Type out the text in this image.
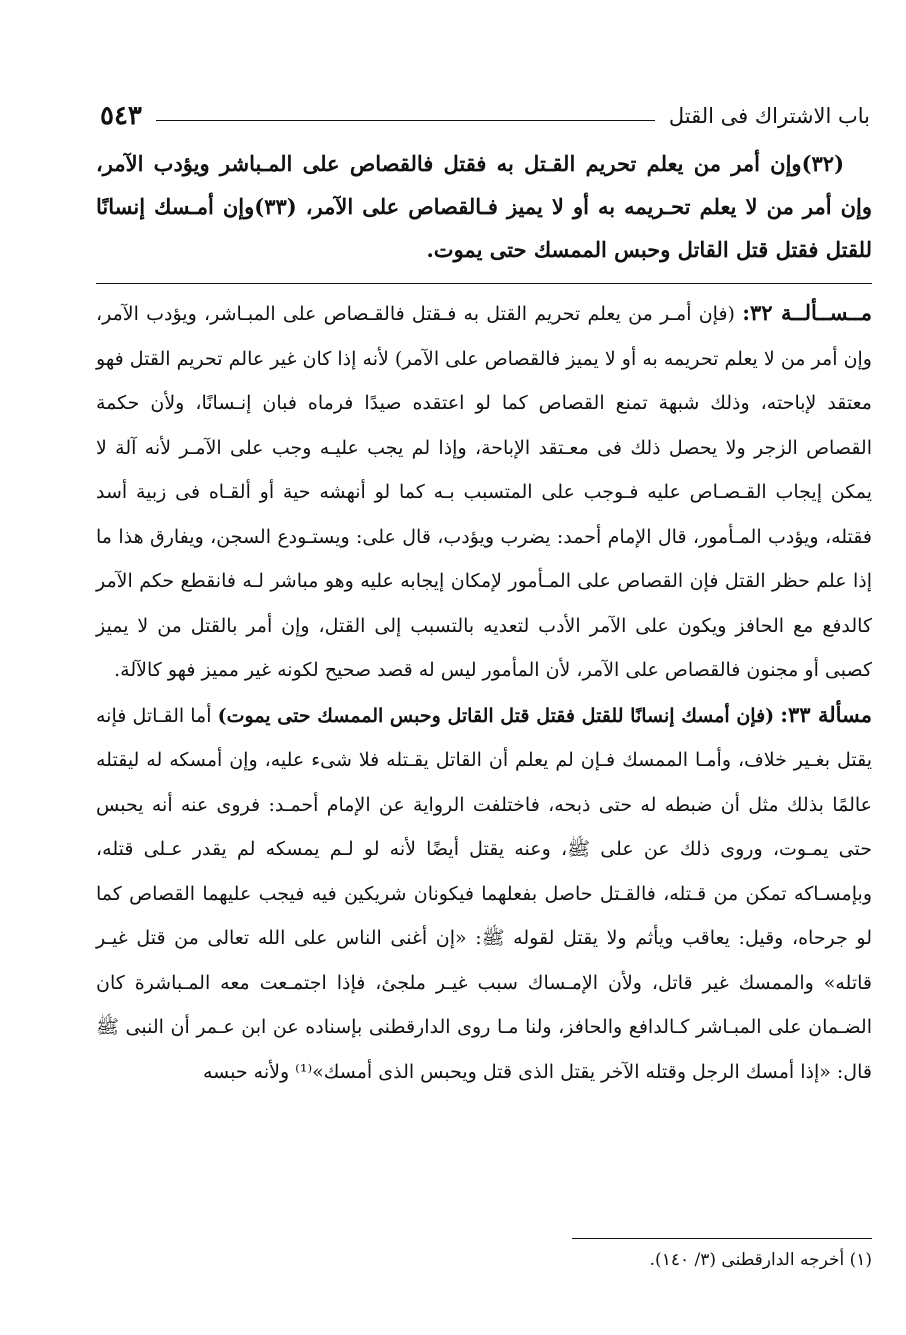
باب الاشتراك فى القتل
٥٤٣

(٣٢)وإن أمر من يعلم تحريم القـتل به فقتل فالقصاص على المـباشر ويؤدب الآمر، وإن أمر من لا يعلم تحـريمه به أو لا يميز فـالقصاص على الآمر، (٣٣)وإن أمـسك إنسانًا للقتل فقتل قتل القاتل وحبس الممسك حتى يموت.

مــســألــة ٣٢: (فإن أمـر من يعلم تحريم القتل به فـقتل فالقـصاص على المبـاشر، ويؤدب الآمر، وإن أمر من لا يعلم تحريمه به أو لا يميز فالقصاص على الآمر) لأنه إذا كان غير عالم تحريم القتل فهو معتقد لإباحته، وذلك شبهة تمنع القصاص كما لو اعتقده صيدًا فرماه فبان إنـسانًا، ولأن حكمة القصاص الزجر ولا يحصل ذلك فى معـتقد الإباحة، وإذا لم يجب عليـه وجب على الآمـر لأنه آلة لا يمكن إيجاب القـصـاص عليه فـوجب على المتسبب بـه كما لو أنهشه حية أو ألقـاه فى زبية أسد فقتله، ويؤدب المـأمور، قال الإمام أحمد: يضرب ويؤدب، قال على: ويستـودع السجن، ويفارق هذا ما إذا علم حظر القتل فإن القصاص على المـأمور لإمكان إيجابه عليه وهو مباشر لـه فانقطع حكم الآمر كالدفع مع الحافز ويكون على الآمر الأدب لتعديه بالتسبب إلى القتل، وإن أمر بالقتل من لا يميز كصبى أو مجنون فالقصاص على الآمر، لأن المأمور ليس له قصد صحيح لكونه غير مميز فهو كالآلة.

مسألة ٣٣: (فإن أمسك إنسانًا للقتل فقتل قتل القاتل وحبس الممسك حتى يموت) أما القـاتل فإنه يقتل بغـير خلاف، وأمـا الممسك فـإن لم يعلم أن القاتل يقـتله فلا شىء عليه، وإن أمسكه له ليقتله عالمًا بذلك مثل أن ضبطه له حتى ذبحه، فاختلفت الرواية عن الإمام أحمـد: فروى عنه أنه يحبس حتى يمـوت، وروى ذلك عن على ﷺ، وعنه يقتل أيضًا لأنه لو لـم يمسكه لم يقدر عـلى قتله، وبإمسـاكه تمكن من قـتله، فالقـتل حاصل بفعلهما فيكونان شريكين فيه فيجب عليهما القصاص كما لو جرحاه، وقيل: يعاقب ويأثم ولا يقتل لقوله ﷺ: «إن أغنى الناس على الله تعالى من قتل غيـر قاتله» والممسك غير قاتل، ولأن الإمـساك سبب غيـر ملجئ، فإذا اجتمـعت معه المـباشرة كان الضـمان على المبـاشر كـالدافع والحافز، ولنا مـا روى الدارقطنى بإسناده عن ابن عـمر أن النبى ﷺ قال: «إذا أمسك الرجل وقتله الآخر يقتل الذى قتل ويحبس الذى أمسك»⁽¹⁾ ولأنه حبسه

(١) أخرجه الدارقطنى (٣/ ١٤٠).
